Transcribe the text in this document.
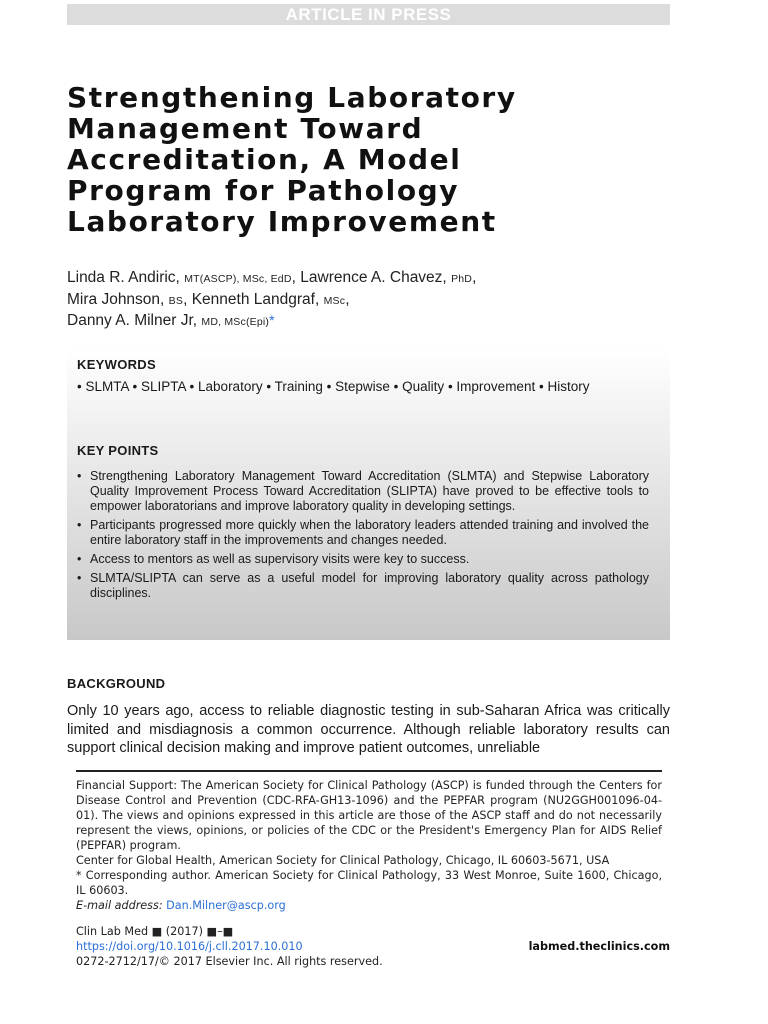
ARTICLE IN PRESS
Strengthening Laboratory
Management Toward
Accreditation, A Model
Program for Pathology
Laboratory Improvement
Linda R. Andiric, MT(ASCP), MSc, EdD, Lawrence A. Chavez, PhD,
Mira Johnson, BS, Kenneth Landgraf, MSc,
Danny A. Milner Jr, MD, MSc(Epi)*
KEYWORDS
• SLMTA • SLIPTA • Laboratory • Training • Stepwise • Quality • Improvement • History
KEY POINTS
• Strengthening Laboratory Management Toward Accreditation (SLMTA) and Stepwise Laboratory Quality Improvement Process Toward Accreditation (SLIPTA) have proved to be effective tools to empower laboratorians and improve laboratory quality in developing settings.
• Participants progressed more quickly when the laboratory leaders attended training and involved the entire laboratory staff in the improvements and changes needed.
• Access to mentors as well as supervisory visits were key to success.
• SLMTA/SLIPTA can serve as a useful model for improving laboratory quality across pathology disciplines.
BACKGROUND
Only 10 years ago, access to reliable diagnostic testing in sub-Saharan Africa was critically limited and misdiagnosis a common occurrence. Although reliable laboratory results can support clinical decision making and improve patient outcomes, unreliable

Financial Support: The American Society for Clinical Pathology (ASCP) is funded through the Centers for Disease Control and Prevention (CDC-RFA-GH13-1096) and the PEPFAR program (NU2GGH001096-04-01). The views and opinions expressed in this article are those of the ASCP staff and do not necessarily represent the views, opinions, or policies of the CDC or the President's Emergency Plan for AIDS Relief (PEPFAR) program.

Center for Global Health, American Society for Clinical Pathology, Chicago, IL 60603-5671, USA

* Corresponding author. American Society for Clinical Pathology, 33 West Monroe, Suite 1600, Chicago, IL 60603.

E-mail address: Dan.Milner@ascp.org

Clin Lab Med ■ (2017) ■–■
https://doi.org/10.1016/j.cll.2017.10.010	labmed.theclinics.com
0272-2712/17/© 2017 Elsevier Inc. All rights reserved.
